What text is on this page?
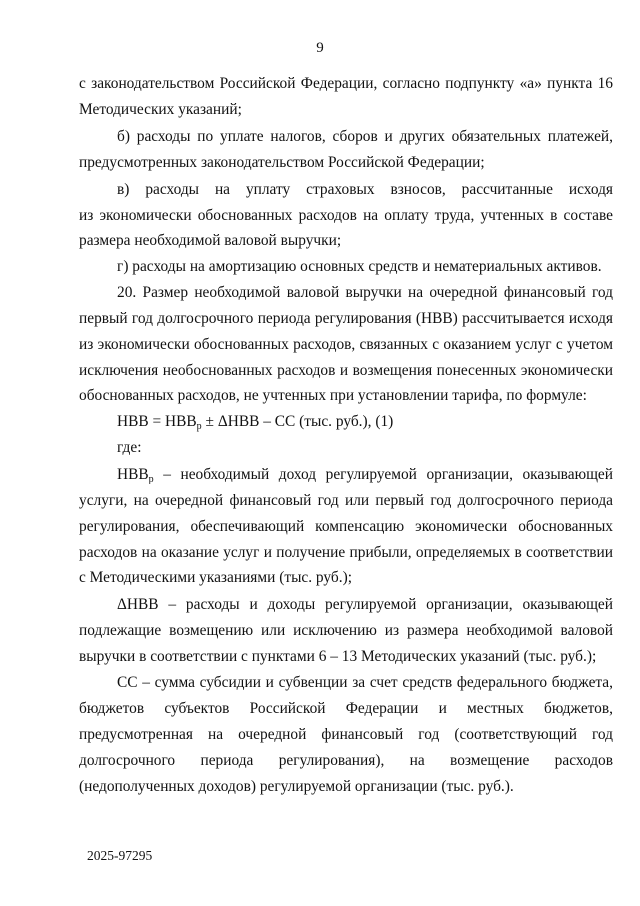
9
с законодательством Российской Федерации, согласно подпункту «а» пункта 16
Методических указаний;
б) расходы по уплате налогов, сборов и других обязательных платежей,
предусмотренных законодательством Российской Федерации;
в) расходы на уплату страховых взносов, рассчитанные исходя
из экономически обоснованных расходов на оплату труда, учтенных в составе
размера необходимой валовой выручки;
г) расходы на амортизацию основных средств и нематериальных активов.
20. Размер необходимой валовой выручки на очередной финансовый год
первый год долгосрочного периода регулирования (НВВ) рассчитывается исходя
из экономически обоснованных расходов, связанных с оказанием услуг с учетом
исключения необоснованных расходов и возмещения понесенных экономически
обоснованных расходов, не учтенных при установлении тарифа, по формуле:
НВВ = $НВВ_р \pm \Delta НВВ$ – СС (тыс. руб.), (1)
где:
$НВВ_р$ – необходимый доход регулируемой организации, оказывающей
услуги, на очередной финансовый год или первый год долгосрочного периода
регулирования, обеспечивающий компенсацию экономически обоснованных
расходов на оказание услуг и получение прибыли, определяемых в соответствии
с Методическими указаниями (тыс. руб.);
ΔНВВ – расходы и доходы регулируемой организации, оказывающей
подлежащие возмещению или исключению из размера необходимой валовой
выручки в соответствии с пунктами 6 – 13 Методических указаний (тыс. руб.);
СС – сумма субсидии и субвенции за счет средств федерального бюджета,
бюджетов субъектов Российской Федерации и местных бюджетов,
предусмотренная на очередной финансовый год (соответствующий год
долгосрочного периода регулирования), на возмещение расходов
(недополученных доходов) регулируемой организации (тыс. руб.).
2025-97295
